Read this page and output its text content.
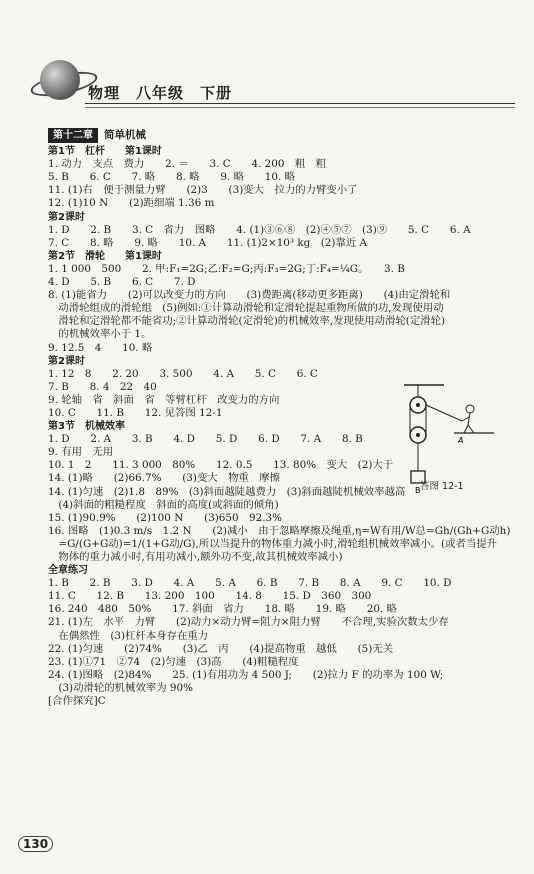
物理　八年级　下册
第十二章	简单机械
第1节　杠杆　　第1课时
1. 动力　支点　费力　　2. ＝　　3. C　　4. 200　粗　粗
5. B　　6. C　　7. 略　　8. 略　　9. 略　　10. 略
11. (1)右　便于测量力臂　　(2)3　　(3)变大　拉力的力臂变小了
12. (1)10 N　　(2)距细端 1.36 m
第2课时
1. D　　2. B　　3. C　省力　图略　　4. (1)③⑥⑧　(2)④⑤⑦　(3)⑨　　5. C　　6. A
7. C　　8. 略　　9. 略　　10. A　　11. (1)2×10³ kg　(2)靠近 A
第2节　滑轮　　第1课时
1. 1 000　500　　2. 甲:F₁=2G;乙:F₂=G;丙:F₃=2G;丁:F₄=¼G。　　3. B
4. D　　5. B　　6. C　　7. D
8. (1)能省力　　(2)可以改变力的方向　　(3)费距离(移动更多距离)　　(4)由定滑轮和
　动滑轮组成的滑轮组　(5)例如:①计算动滑轮和定滑轮提起重物所做的功,发现使用动
　滑轮和定滑轮都不能省功;②计算动滑轮(定滑轮)的机械效率,发现使用动滑轮(定滑轮)
　的机械效率小于 1。
9. 12.5　4　　10. 略
第2课时
1. 12　8　　2. 20　　3. 500　　4. A　　5. C　　6. C
7. B　　8. 4　22　40
9. 轮轴　省　斜面　省　等臂杠杆　改变力的方向
10. C　　11. B　　12. 见答图 12-1
第3节　机械效率
1. D　　2. A　　3. B　　4. D　　5. D　　6. D　　7. A　　8. B
9. 有用　无用
10. 1　2　　11. 3 000　80%　　12. 0.5　　13. 80%　变大　(2)大于
14. (1)略　　(2)66.7%　　(3)变大　物重　摩擦
14. (1)匀速　(2)1.8　89%　(3)斜面越陡越费力　(3)斜面越陡机械效率越高
　(4)斜面的粗糙程度　斜面的高度(或斜面的倾角)
15. (1)90.9%　　(2)100 N　　(3)650　92.3%
16. 图略　(1)0.3 m/s　1.2 N　　(2)减小　由于忽略摩擦及绳重,η=W有用/W总=Gh/(Gh+G动h)
　=G/(G+G动)=1/(1+G动/G),所以当提升的物体重力减小时,滑轮组机械效率减小。(或者当提升
　物体的重力减小时,有用功减小,额外功不变,故其机械效率减小)
全章练习
1. B　　2. B　　3. D　　4. A　　5. A　　6. B　　7. B　　8. A　　9. C　　10. D
11. C　　12. B　　13. 200　100　　14. 8　　15. D　360　300
16. 240　480　50%　　17. 斜面　省力　　18. 略　　19. 略　　20. 略
21. (1)左　水平　力臂　　(2)动力×动力臂=阻力×阻力臂　　不合理,实验次数太少存
　在偶然性　(3)杠杆本身存在重力
22. (1)匀速　　(2)74%　　(3)乙　丙　　(4)提高物重　越低　　(5)无关
23. (1)①71　②74　(2)匀速　(3)高　　(4)粗糙程度
24. (1)图略　(2)84%　　25. (1)有用功为 4 500 J;　　(2)拉力 F 的功率为 100 W;
　(3)动滑轮的机械效率为 90%
[合作探究]C
B
A
答图 12-1
130
